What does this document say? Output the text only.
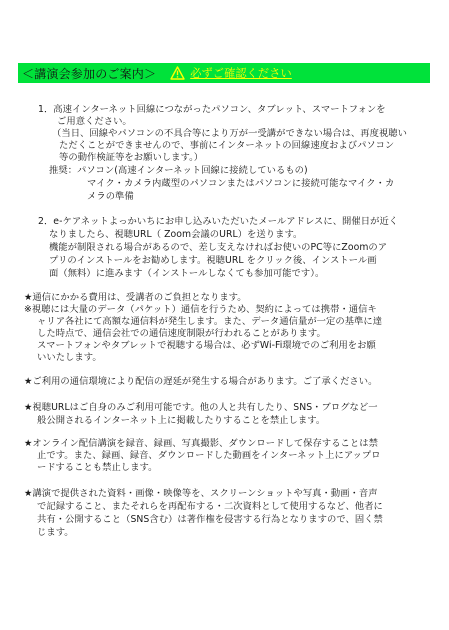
＜講演会参加のご案内＞	必ずご確認ください
1．高速インターネット回線につながったパソコン、タブレット、スマートフォンを
ご用意ください。
（当日、回線やパソコンの不具合等により万が一受講ができない場合は、再度視聴い
ただくことができませんので、事前にインターネットの回線速度およびパソコン
等の動作検証等をお願いします。）
推奨：パソコン(高速インターネット回線に接続しているもの)
マイク・カメラ内蔵型のパソコンまたはパソコンに接続可能なマイク・カ
メラの準備
2．e-ケアネットよっかいちにお申し込みいただいたメールアドレスに、開催日が近く
なりましたら、視聴URL（ Zoom会議のURL）を送ります。
機能が制限される場合があるので、差し支えなければお使いのPC等にZoomのア
プリのインストールをお勧めします。視聴URL をクリック後、インストール画
面（無料）に進みます（インストールしなくても参加可能です）。
★通信にかかる費用は、受講者のご負担となります。
※視聴には大量のデータ（パケット）通信を行うため、契約によっては携帯・通信キ
ャリア各社にて高額な通信料が発生します。また、データ通信量が一定の基準に達
した時点で、通信会社での通信速度制限が行われることがあります。
スマートフォンやタブレットで視聴する場合は、必ずWi-Fi環境でのご利用をお願
いいたします。
★ご利用の通信環境により配信の遅延が発生する場合があります。ご了承ください。
★視聴URLはご自身のみご利用可能です。他の人と共有したり、SNS・ブログなど一
般公開されるインターネット上に掲載したりすることを禁止します。
★オンライン配信講演を録音、録画、写真撮影、ダウンロードして保存することは禁
止です。また、録画、録音、ダウンロードした動画をインターネット上にアップロ
ードすることも禁止します。
★講演で提供された資料・画像・映像等を、スクリーンショットや写真・動画・音声
で記録すること、またそれらを再配布する・二次資料として使用するなど、他者に
共有・公開すること（SNS含む）は著作権を侵害する行為となりますので、固く禁
じます。
